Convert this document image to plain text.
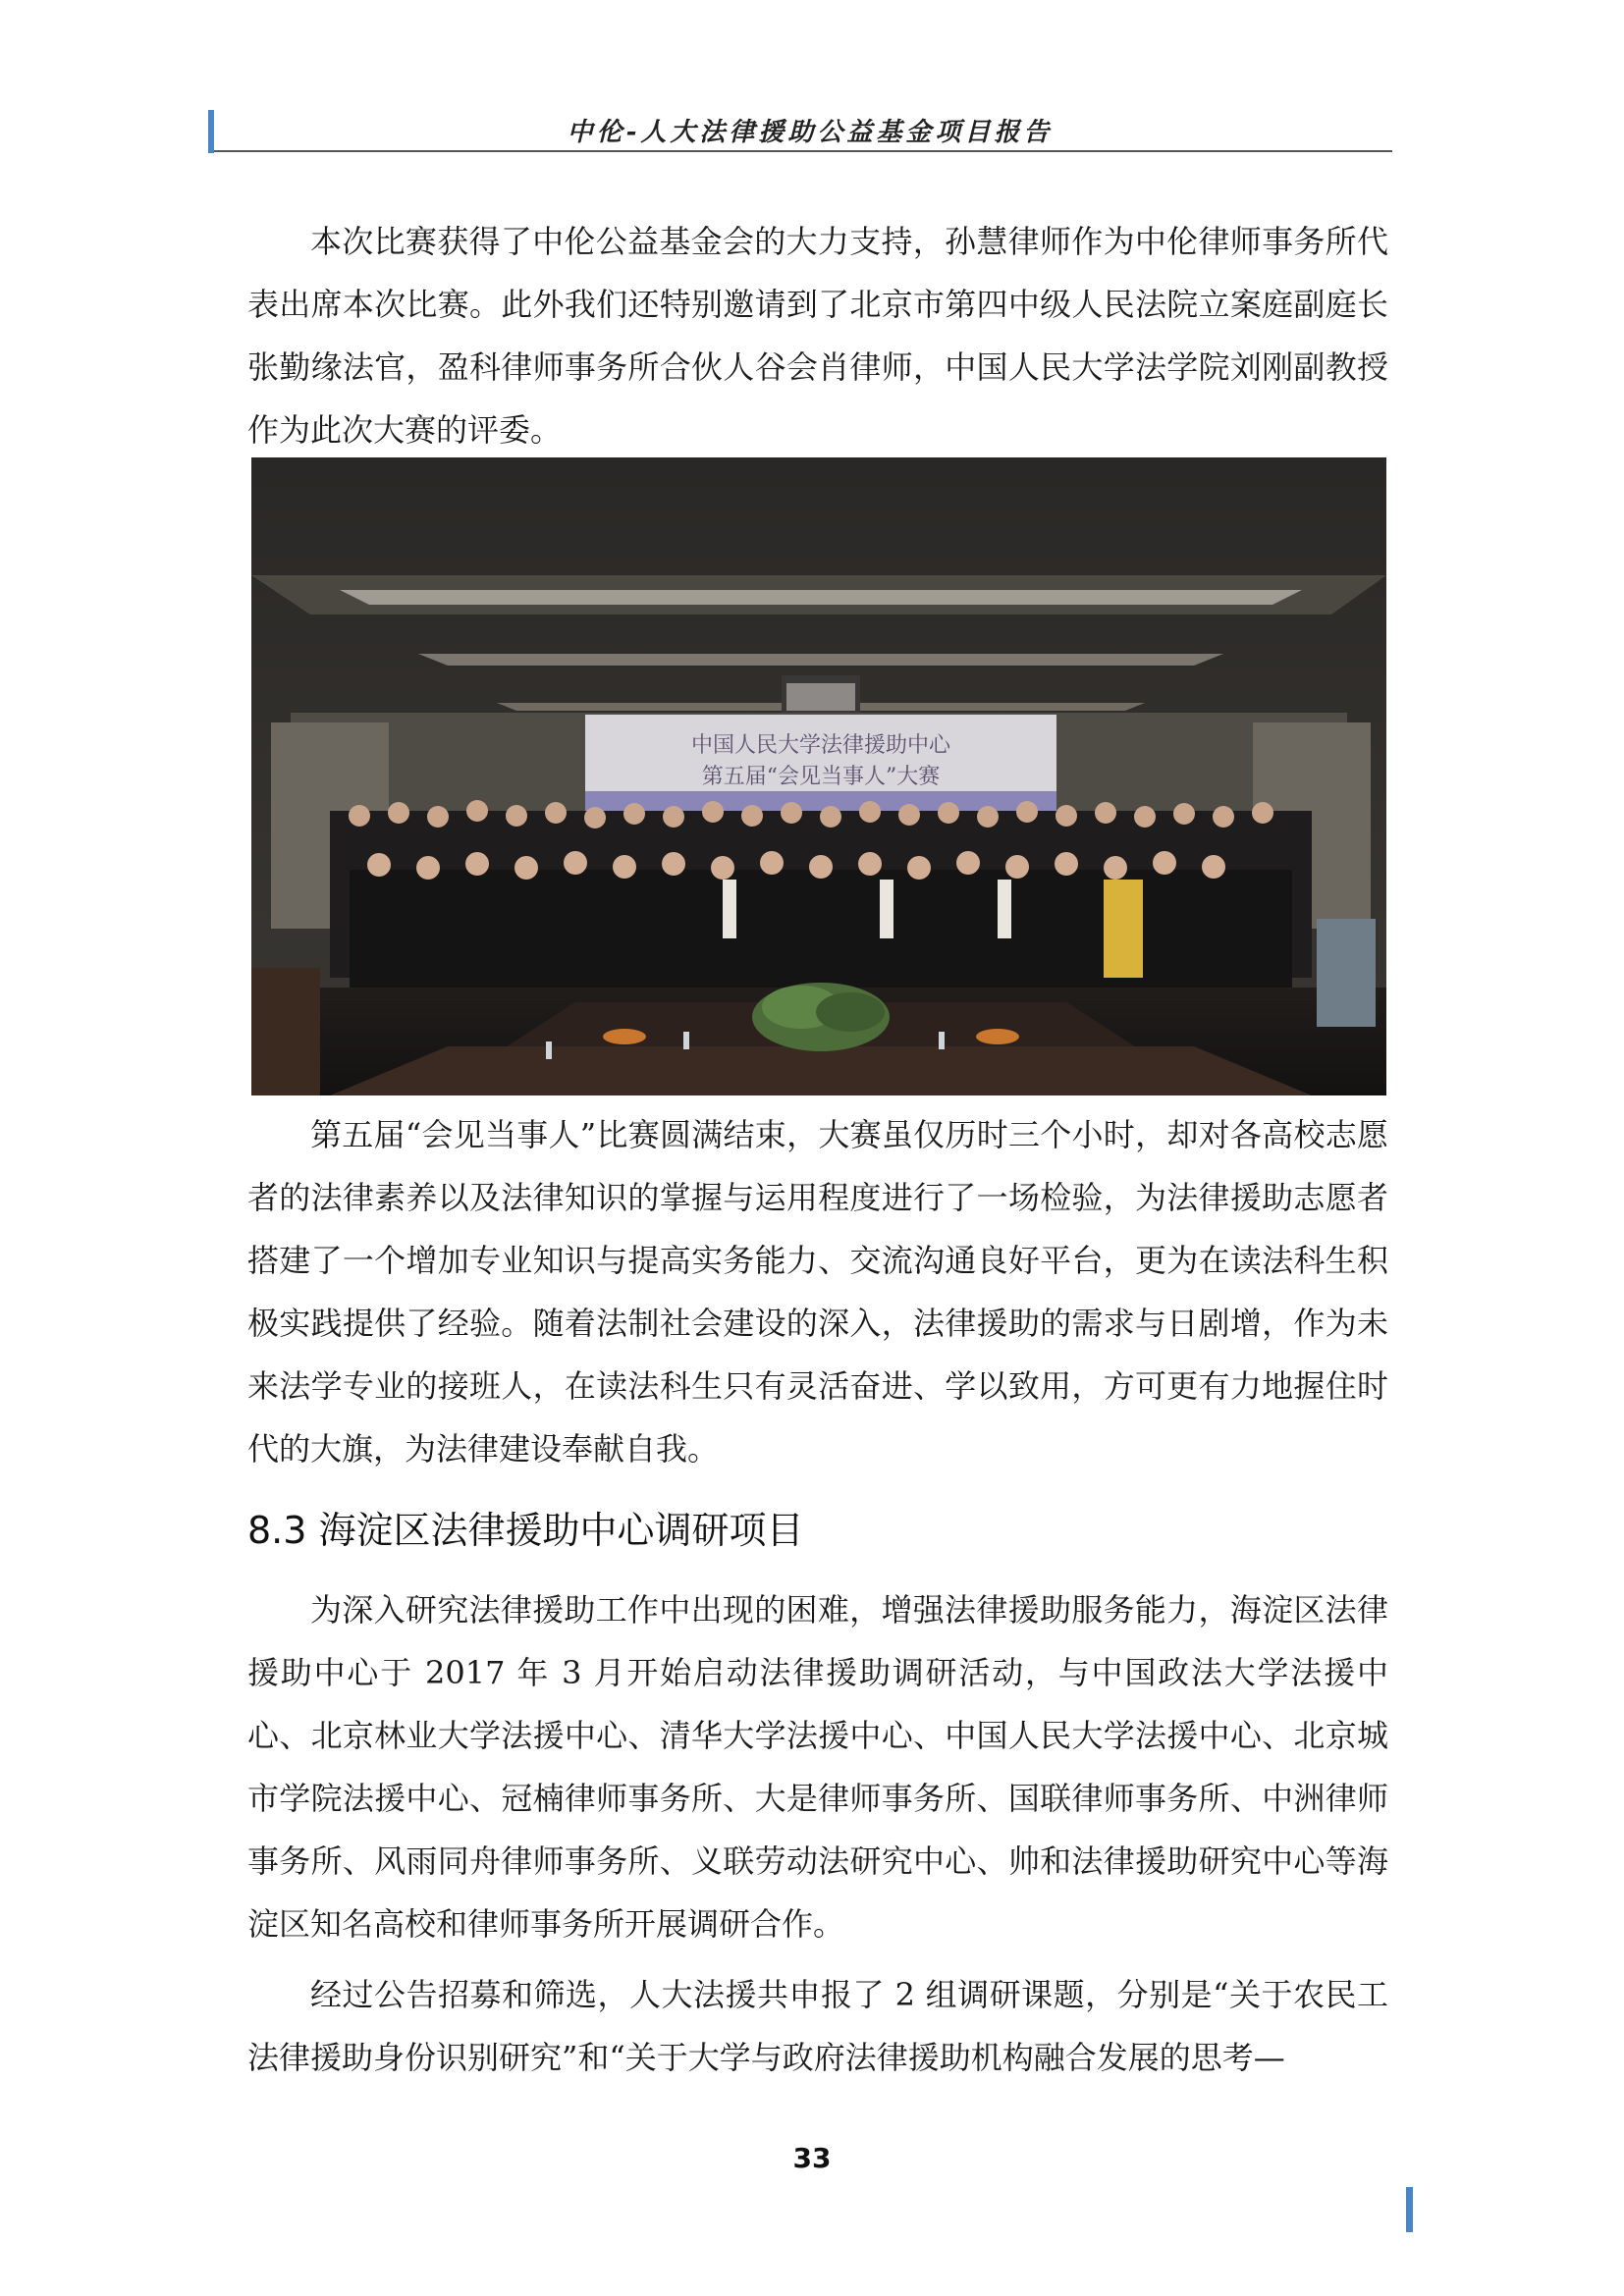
中伦-人大法律援助公益基金项目报告

本次比赛获得了中伦公益基金会的大力支持，孙慧律师作为中伦律师事务所代表出席本次比赛。此外我们还特别邀请到了北京市第四中级人民法院立案庭副庭长张勤缘法官，盈科律师事务所合伙人谷会肖律师，中国人民大学法学院刘刚副教授作为此次大赛的评委。

中国人民大学法律援助中心
第五届“会见当事人”大赛

第五届“会见当事人”比赛圆满结束，大赛虽仅历时三个小时，却对各高校志愿者的法律素养以及法律知识的掌握与运用程度进行了一场检验，为法律援助志愿者搭建了一个增加专业知识与提高实务能力、交流沟通良好平台，更为在读法科生积极实践提供了经验。随着法制社会建设的深入，法律援助的需求与日剧增，作为未来法学专业的接班人，在读法科生只有灵活奋进、学以致用，方可更有力地握住时代的大旗，为法律建设奉献自我。

8.3 海淀区法律援助中心调研项目

为深入研究法律援助工作中出现的困难，增强法律援助服务能力，海淀区法律援助中心于 2017 年 3 月开始启动法律援助调研活动，与中国政法大学法援中心、北京林业大学法援中心、清华大学法援中心、中国人民大学法援中心、北京城市学院法援中心、冠楠律师事务所、大是律师事务所、国联律师事务所、中洲律师事务所、风雨同舟律师事务所、义联劳动法研究中心、帅和法律援助研究中心等海淀区知名高校和律师事务所开展调研合作。

经过公告招募和筛选，人大法援共申报了 2 组调研课题，分别是“关于农民工法律援助身份识别研究”和“关于大学与政府法律援助机构融合发展的思考—

33
